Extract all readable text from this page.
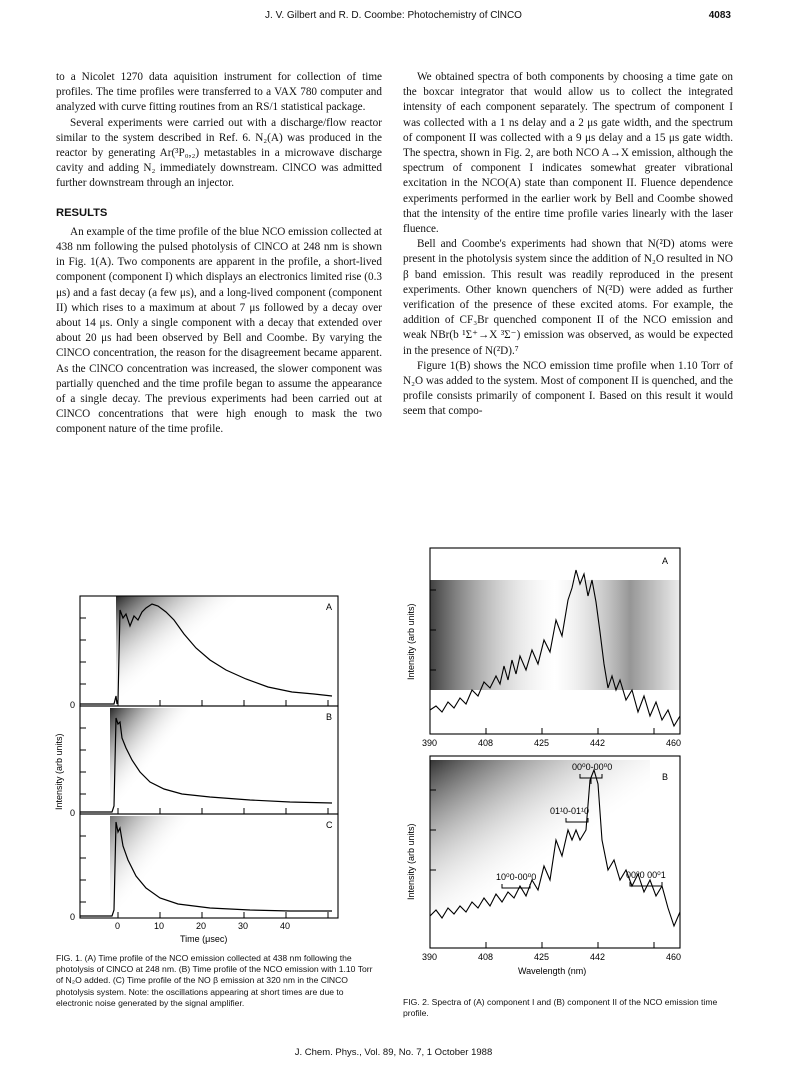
J. V. Gilbert and R. D. Coombe: Photochemistry of ClNCO	4083

to a Nicolet 1270 data aquisition instrument for collection of time profiles. The time profiles were transferred to a VAX 780 computer and analyzed with curve fitting routines from an RS/1 statistical package.

Several experiments were carried out with a discharge/flow reactor similar to the system described in Ref. 6. N₂(A) was produced in the reactor by generating Ar(³P₀,₂) metastables in a microwave discharge cavity and adding N₂ immediately downstream. ClNCO was admitted further downstream through an injector.

RESULTS

An example of the time profile of the blue NCO emission collected at 438 nm following the pulsed photolysis of ClNCO at 248 nm is shown in Fig. 1(A). Two components are apparent in the profile, a short-lived component (component I) which displays an electronics limited rise (0.3 μs) and a fast decay (a few μs), and a long-lived component (component II) which rises to a maximum at about 7 μs followed by a decay over about 14 μs. Only a single component with a decay that extended over about 20 μs had been observed by Bell and Coombe. By varying the ClNCO concentration, the reason for the disagreement became apparent. As the ClNCO concentration was increased, the slower component was partially quenched and the time profile began to assume the appearance of a single decay. The previous experiments had been carried out at ClNCO concentrations that were high enough to mask the two component nature of the time profile.

We obtained spectra of both components by choosing a time gate on the boxcar integrator that would allow us to collect the integrated intensity of each component separately. The spectrum of component I was collected with a 1 ns delay and a 2 μs gate width, and the spectrum of component II was collected with a 9 μs delay and a 15 μs gate width. The spectra, shown in Fig. 2, are both NCO A→X emission, although the spectrum of component I indicates somewhat greater vibrational excitation in the NCO(A) state than component II. Fluence dependence experiments performed in the earlier work by Bell and Coombe showed that the intensity of the entire time profile varies linearly with the laser fluence.

Bell and Coombe's experiments had shown that N(²D) atoms were present in the photolysis system since the addition of N₂O resulted in NO β band emission. This result was readily reproduced in the present experiments. Other known quenchers of N(²D) were added as further verification of the presence of these excited atoms. For example, the addition of CF₃Br quenched component II of the NCO emission and weak NBr(b ¹Σ⁺→X ³Σ⁻) emission was observed, as would be expected in the presence of N(²D).⁷

Figure 1(B) shows the NCO emission time profile when 1.10 Torr of N₂O was added to the system. Most of component II is quenched, and the profile consists primarily of component I. Based on this result it would seem that compo-

A
B
C
0
0
0
0	10	20	30	40
Time (μsec)
Intensity (arb units)
A
B
00⁰0-00⁰0
01¹0-01¹0
10⁰0-00⁰0	00⁰0 00⁰1
390	408	425	442	460
390	408	425	442	460
Wavelength (nm)
Intensity (arb units)
Intensity (arb units)
FIG. 1. (A) Time profile of the NCO emission collected at 438 nm following the photolysis of ClNCO at 248 nm. (B) Time profile of the NCO emission with 1.10 Torr of N₂O added. (C) Time profile of the NO β emission at 320 nm in the ClNCO photolysis system. Note: the oscillations appearing at short times are due to electronic noise generated by the signal amplifier.	FIG. 2. Spectra of (A) component I and (B) component II of the NCO emission time profile.
J. Chem. Phys., Vol. 89, No. 7, 1 October 1988
